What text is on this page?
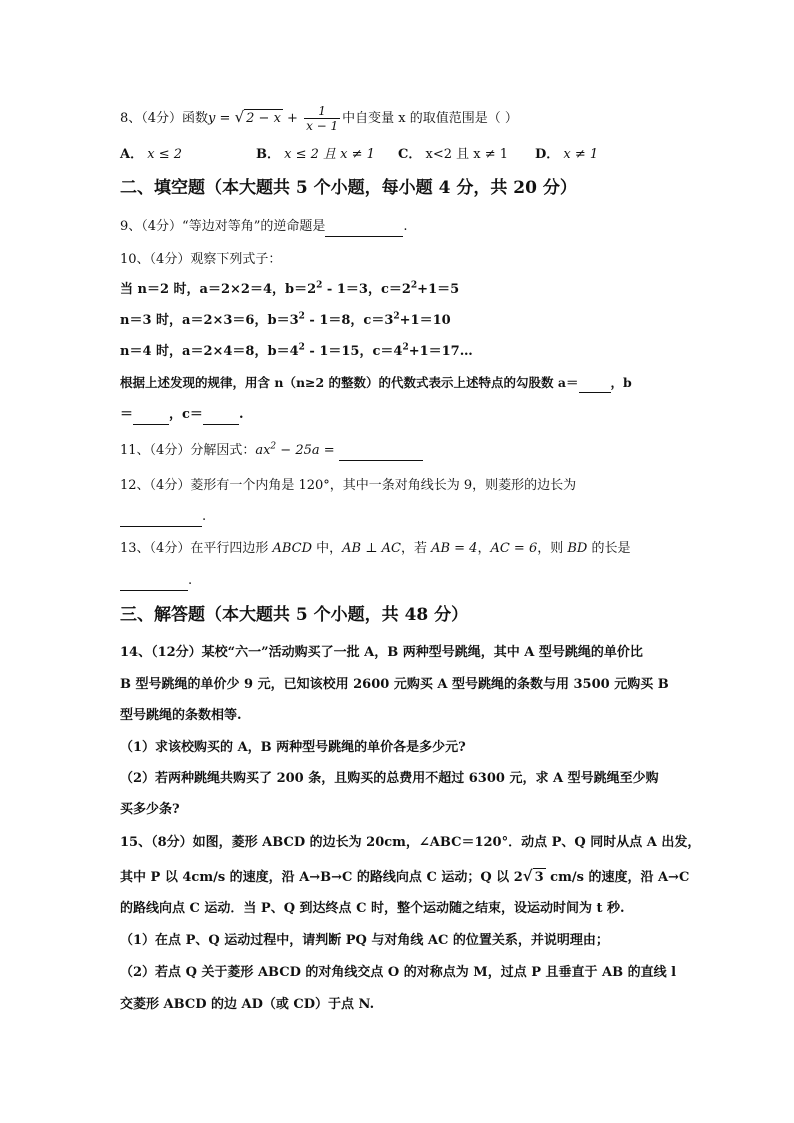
8、（4分）函数y = √ $2 - x + \frac{1}{x - 1}$ 中自变量 x 的取值范围是（ ）
A． x ≤ 2	B． x ≤ 2 且 x ≠ 1 C． x<2 且 x ≠ 1 D． x ≠ 1
二、填空题（本大题共 5 个小题，每小题 4 分，共 20 分）
9、（4分）“等边对等角”的逆命题是	.
10、（4分）观察下列式子：
当 n＝2 时，a＝2×2＝4，$b=2^2 - 1=3$，$c=2^2+1=5$
n＝3 时，a＝2×3＝6，$b=3^2 - 1=8$，$c=3^2+1=10$
n＝4 时，a＝2×4＝8，$b=4^2 - 1=15$，$c=4^2+1=17\dots$
根据上述发现的规律，用含 n（n≥2 的整数）的代数式表示上述特点的勾股数 a＝	，b
＝	，c＝	.
11、（4分）分解因式：$ax^2 - 25a$ =
12、（4分）菱形有一个内角是 120°，其中一条对角线长为 9，则菱形的边长为
.
13、（4分）在平行四边形 ABCD 中，AB ⊥ AC，若 AB = 4，AC = 6，则 BD 的长是
.
三、解答题（本大题共 5 个小题，共 48 分）
14、（12分）某校“六一”活动购买了一批 A，B 两种型号跳绳，其中 A 型号跳绳的单价比
B 型号跳绳的单价少 9 元，已知该校用 2600 元购买 A 型号跳绳的条数与用 3500 元购买 B
型号跳绳的条数相等.
（1）求该校购买的 A，B 两种型号跳绳的单价各是多少元?
（2）若两种跳绳共购买了 200 条，且购买的总费用不超过 6300 元，求 A 型号跳绳至少购
买多少条?
15、（8分）如图，菱形 ABCD 的边长为 20cm，∠ABC＝120°．动点 P、Q 同时从点 A 出发，
其中 P 以 4cm/s 的速度，沿 A→B→C 的路线向点 C 运动；Q 以 2√ 3 cm/s 的速度，沿 A→C
的路线向点 C 运动．当 P、Q 到达终点 C 时，整个运动随之结束，设运动时间为 t 秒.
（1）在点 P、Q 运动过程中，请判断 PQ 与对角线 AC 的位置关系，并说明理由；
（2）若点 Q 关于菱形 ABCD 的对角线交点 O 的对称点为 M，过点 P 且垂直于 AB 的直线 l
交菱形 ABCD 的边 AD（或 CD）于点 N.
